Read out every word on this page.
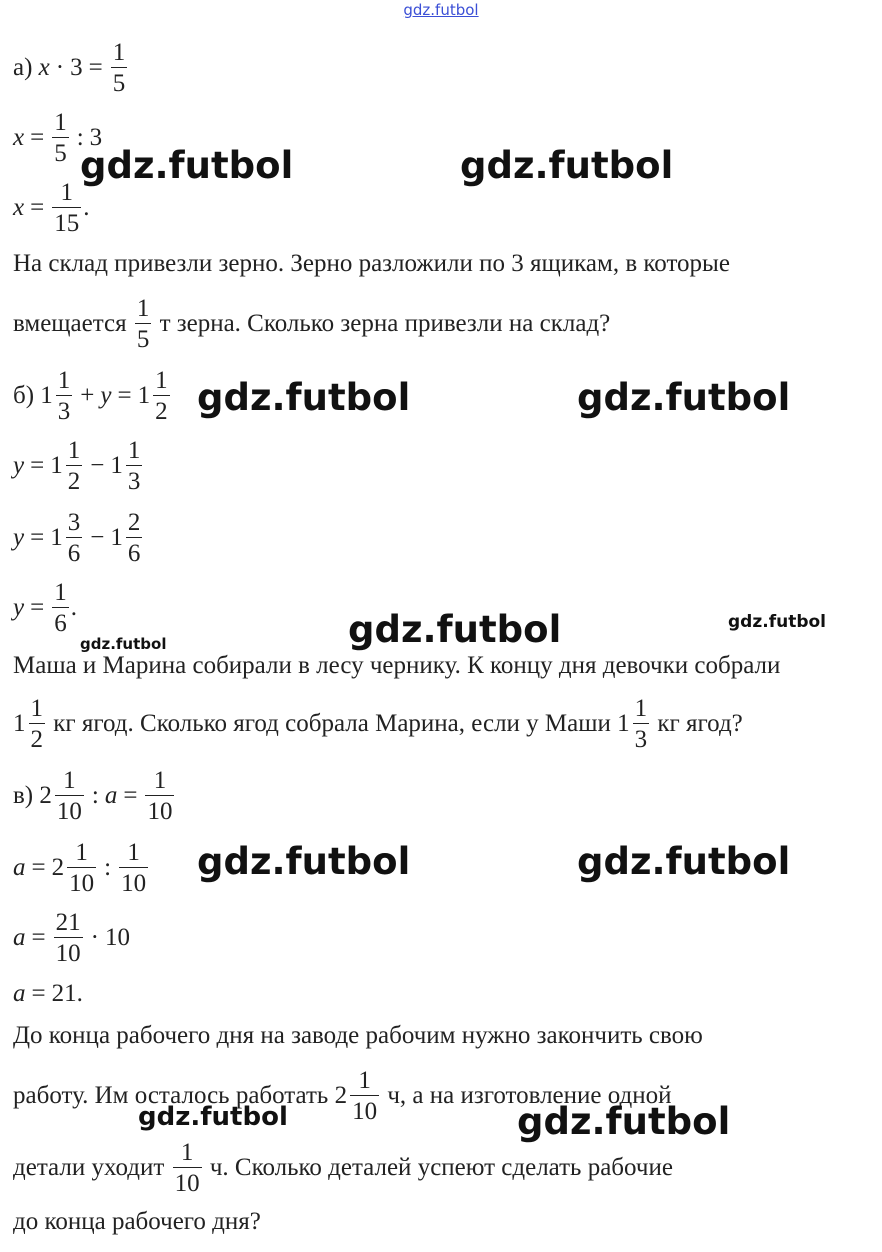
gdz.futbol
а)
$x \cdot 3 = \frac{1}{5}$
$x = \frac{1}{5}$ : 3
$x = \frac{1}{15}$ .
На склад привезли зерно. Зерно разложили по 3 ящикам, в которые
вмещается
$\frac{1}{5}$
т зерна. Сколько зерна привезли на склад?
б)
$1 \frac{1}{3} + y = 1 \frac{1}{2}$
$y = 1 \frac{1}{2} - 1 \frac{1}{3}$
$y = 1 \frac{3}{6} - 1 \frac{2}{6}$
$y = \frac{1}{6}$ .
Маша и Марина собирали в лесу чернику. К концу дня девочки собрали
$1 \frac{1}{2}$
кг ягод. Сколько ягод собрала Марина, если у Маши
$1 \frac{1}{3}$
кг ягод?
в)
$2 \frac{1}{10}$ : $a = \frac{1}{10}$
$a = 2 \frac{1}{10}$ : $\frac{1}{10}$
$a = \frac{21}{10} \cdot 10$
a = 21.
До конца рабочего дня на заводе рабочим нужно закончить свою
работу. Им осталось работать
$2 \frac{1}{10}$
ч, а на изготовление одной
детали уходит
$\frac{1}{10}$
ч. Сколько деталей успеют сделать рабочие
до конца рабочего дня?
gdz.futbol	gdz.futbol
gdz.futbol	gdz.futbol
gdz.futbol	gdz.futbol
gdz.futbol
gdz.futbol	gdz.futbol
gdz.futbol	gdz.futbol
